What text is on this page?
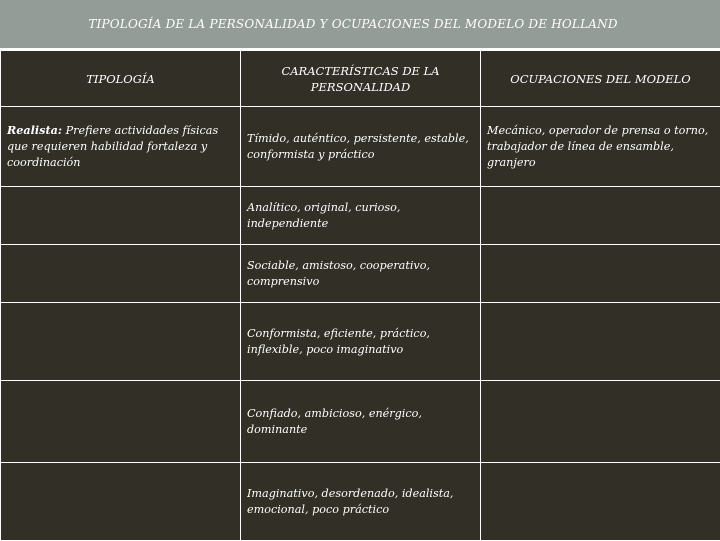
TIPOLOGÍA DE LA PERSONALIDAD Y OCUPACIONES DEL MODELO DE HOLLAND
TIPOLOGÍA	CARACTERÍSTICAS DE LA PERSONALIDAD	OCUPACIONES DEL MODELO
Realista: Prefiere actividades físicas que requieren habilidad fortaleza y coordinación	Tímido, auténtico, persistente, estable, conformista y práctico	Mecánico, operador de prensa o torno, trabajador de línea de ensamble, granjero
	Analítico, original, curioso, independiente	
	Sociable, amistoso, cooperativo, comprensivo	
	Conformista, eficiente, práctico, inflexible, poco imaginativo	
	Confiado, ambicioso, enérgico, dominante	
	Imaginativo, desordenado, idealista, emocional, poco práctico	
